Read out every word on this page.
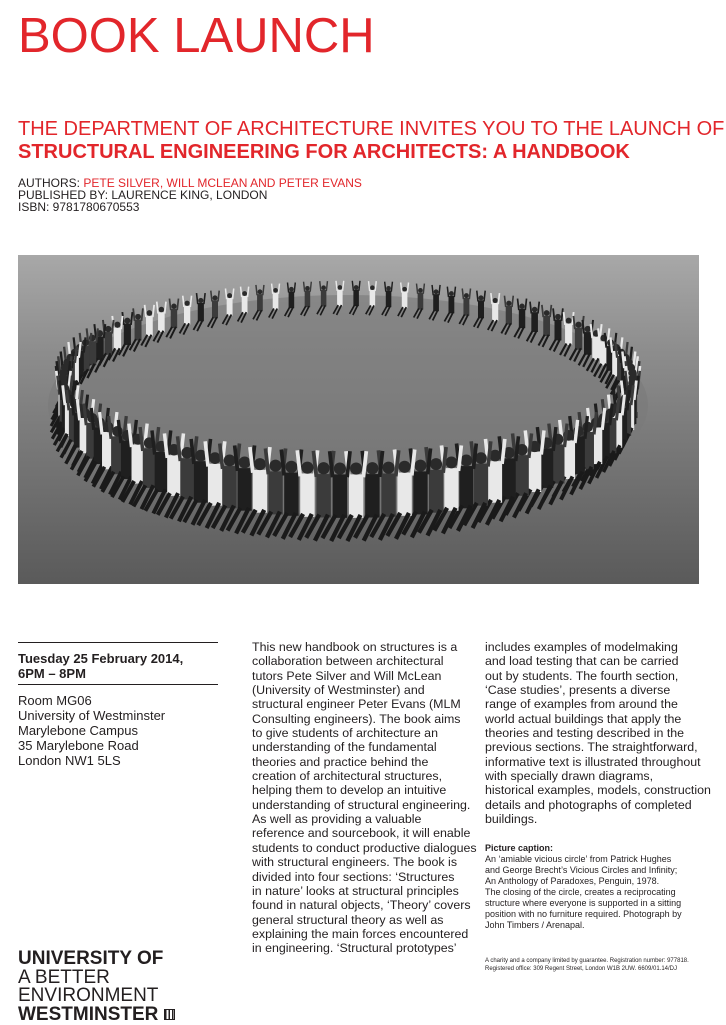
BOOK LAUNCH
THE DEPARTMENT OF ARCHITECTURE INVITES YOU TO THE LAUNCH OF
STRUCTURAL ENGINEERING FOR ARCHITECTS: A HANDBOOK
AUTHORS: PETE SILVER, WILL MCLEAN AND PETER EVANS
PUBLISHED BY: LAURENCE KING, LONDON
ISBN: 9781780670553
Tuesday 25 February 2014,
6PM – 8PM
Room MG06
University of Westminster
Marylebone Campus
35 Marylebone Road
London NW1 5LS
This new handbook on structures is a
collaboration between architectural
tutors Pete Silver and Will McLean
(University of Westminster) and
structural engineer Peter Evans (MLM
Consulting engineers). The book aims
to give students of architecture an
understanding of the fundamental
theories and practice behind the
creation of architectural structures,
helping them to develop an intuitive
understanding of structural engineering.
As well as providing a valuable
reference and sourcebook, it will enable
students to conduct productive dialogues
with structural engineers. The book is
divided into four sections: ‘Structures
in nature’ looks at structural principles
found in natural objects, ‘Theory’ covers
general structural theory as well as
explaining the main forces encountered
in engineering. ‘Structural prototypes’
includes examples of modelmaking
and load testing that can be carried
out by students. The fourth section,
‘Case studies’, presents a diverse
range of examples from around the
world actual buildings that apply the
theories and testing described in the
previous sections. The straightforward,
informative text is illustrated throughout
with specially drawn diagrams,
historical examples, models, construction
details and photographs of completed
buildings.
Picture caption:
An ‘amiable vicious circle’ from Patrick Hughes
and George Brecht’s Vicious Circles and Infinity;
An Anthology of Paradoxes, Penguin, 1978.
The closing of the circle, creates a reciprocating
structure where everyone is supported in a sitting
position with no furniture required. Photograph by
John Timbers / Arenapal.
A charity and a company limited by guarantee. Registration number: 977818.
Registered office: 309 Regent Street, London W1B 2UW. 6609/01.14/DJ
UNIVERSITY OF
A BETTER
ENVIRONMENT
WESTMINSTER
